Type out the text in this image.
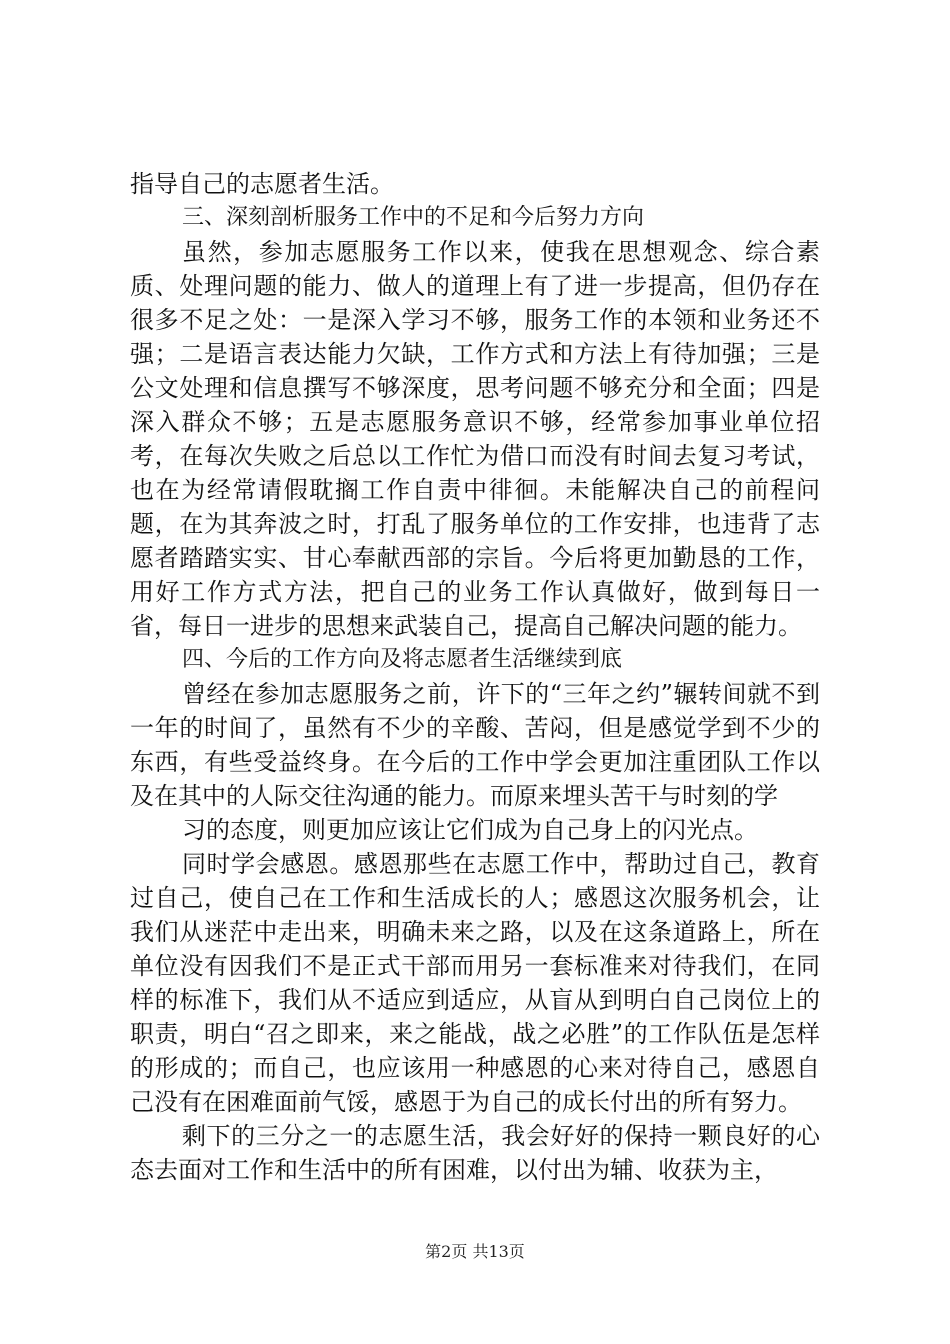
指导自己的志愿者生活。

三、深刻剖析服务工作中的不足和今后努力方向

虽然，参加志愿服务工作以来，使我在思想观念、综合素质、处理问题的能力、做人的道理上有了进一步提高，但仍存在很多不足之处：一是深入学习不够，服务工作的本领和业务还不强；二是语言表达能力欠缺，工作方式和方法上有待加强；三是公文处理和信息撰写不够深度，思考问题不够充分和全面；四是深入群众不够；五是志愿服务意识不够，经常参加事业单位招考，在每次失败之后总以工作忙为借口而没有时间去复习考试，也在为经常请假耽搁工作自责中徘徊。未能解决自己的前程问题，在为其奔波之时，打乱了服务单位的工作安排，也违背了志愿者踏踏实实、甘心奉献西部的宗旨。今后将更加勤恳的工作，用好工作方式方法，把自己的业务工作认真做好，做到每日一省，每日一进步的思想来武装自己，提高自己解决问题的能力。

四、今后的工作方向及将志愿者生活继续到底

曾经在参加志愿服务之前，许下的“三年之约”辗转间就不到一年的时间了，虽然有不少的辛酸、苦闷，但是感觉学到不少的东西，有些受益终身。在今后的工作中学会更加注重团队工作以及在其中的人际交往沟通的能力。而原来埋头苦干与时刻的学

习的态度，则更加应该让它们成为自己身上的闪光点。

同时学会感恩。感恩那些在志愿工作中，帮助过自己，教育过自己，使自己在工作和生活成长的人；感恩这次服务机会，让我们从迷茫中走出来，明确未来之路，以及在这条道路上，所在单位没有因我们不是正式干部而用另一套标准来对待我们，在同样的标准下，我们从不适应到适应，从盲从到明白自己岗位上的职责，明白“召之即来，来之能战，战之必胜”的工作队伍是怎样的形成的；而自己，也应该用一种感恩的心来对待自己，感恩自己没有在困难面前气馁，感恩于为自己的成长付出的所有努力。

剩下的三分之一的志愿生活，我会好好的保持一颗良好的心态去面对工作和生活中的所有困难，以付出为辅、收获为主，

第2页 共13页
